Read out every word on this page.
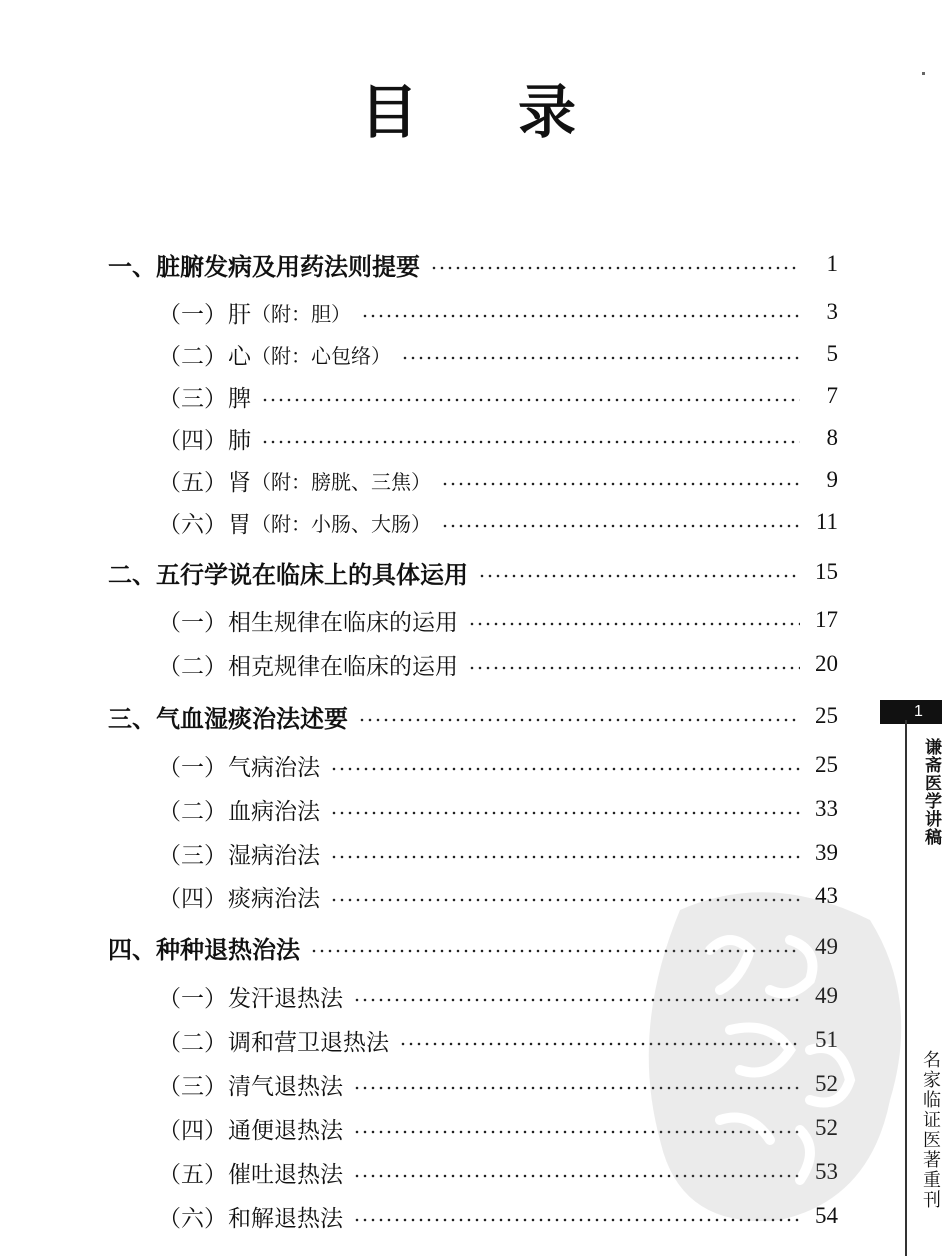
目 录
一、 脏腑发病及用药法则提要	1
（一） 肝 （附：胆）	3
（二） 心 （附：心包络）	5
（三） 脾	7
（四） 肺	8
（五） 肾 （附：膀胱、三焦）	9
（六） 胃 （附：小肠、大肠）	11
二、 五行学说在临床上的具体运用	15
（一） 相生规律在临床的运用	17
（二） 相克规律在临床的运用	20
三、 气血湿痰治法述要	25
（一） 气病治法	25
（二） 血病治法	33
（三） 湿病治法	39
（四） 痰病治法	43
四、 种种退热治法	49
（一） 发汗退热法	49
（二） 调和营卫退热法	51
（三） 清气退热法	52
（四） 通便退热法	52
（五） 催吐退热法	53
（六） 和解退热法	54
1
谦斋医学讲稿
名家临证医著重刊
